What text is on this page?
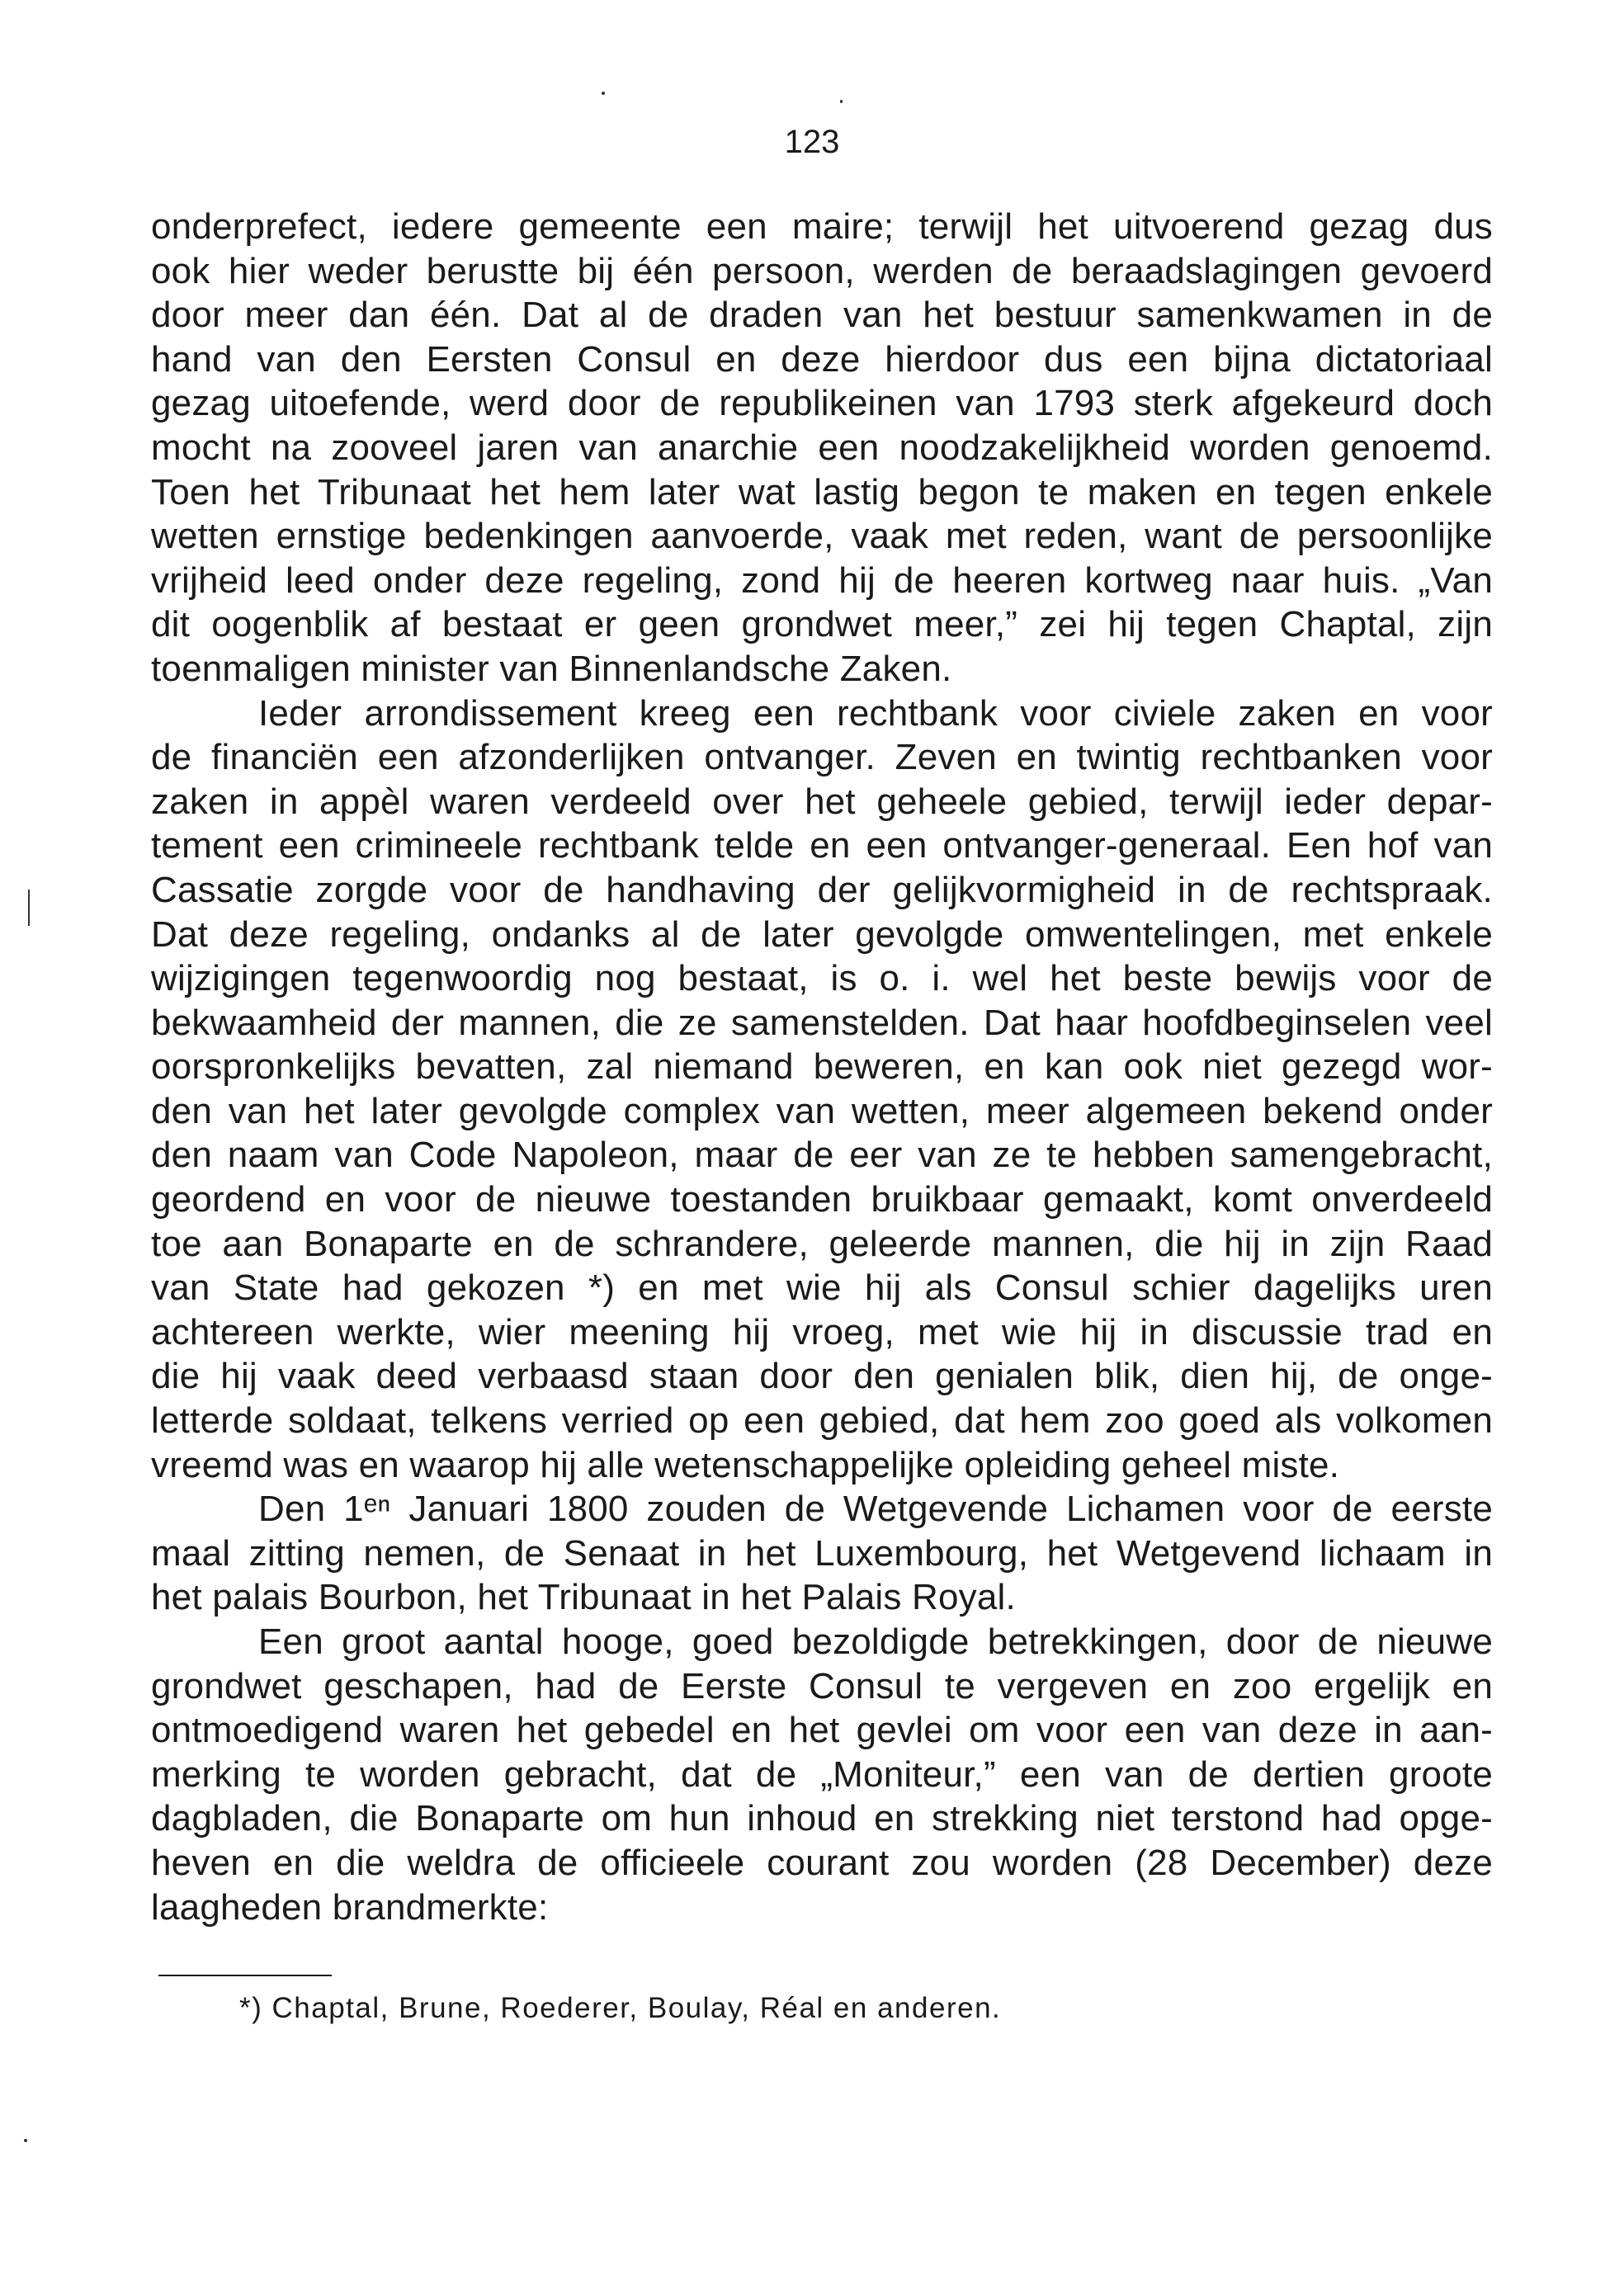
123
onderprefect, iedere gemeente een maire; terwijl het uitvoerend gezag dus
ook hier weder berustte bij één persoon, werden de beraadslagingen gevoerd
door meer dan één. Dat al de draden van het bestuur samenkwamen in de
hand van den Eersten Consul en deze hierdoor dus een bijna dictatoriaal
gezag uitoefende, werd door de republikeinen van 1793 sterk afgekeurd doch
mocht na zooveel jaren van anarchie een noodzakelijkheid worden genoemd.
Toen het Tribunaat het hem later wat lastig begon te maken en tegen enkele
wetten ernstige bedenkingen aanvoerde, vaak met reden, want de persoonlijke
vrijheid leed onder deze regeling, zond hij de heeren kortweg naar huis. „Van
dit oogenblik af bestaat er geen grondwet meer,” zei hij tegen Chaptal, zijn
toenmaligen minister van Binnenlandsche Zaken.
Ieder arrondissement kreeg een rechtbank voor civiele zaken en voor
de financiën een afzonderlijken ontvanger. Zeven en twintig rechtbanken voor
zaken in appèl waren verdeeld over het geheele gebied, terwijl ieder depar-
tement een crimineele rechtbank telde en een ontvanger-generaal. Een hof van
Cassatie zorgde voor de handhaving der gelijkvormigheid in de rechtspraak.
Dat deze regeling, ondanks al de later gevolgde omwentelingen, met enkele
wijzigingen tegenwoordig nog bestaat, is o. i. wel het beste bewijs voor de
bekwaamheid der mannen, die ze samenstelden. Dat haar hoofdbeginselen veel
oorspronkelijks bevatten, zal niemand beweren, en kan ook niet gezegd wor-
den van het later gevolgde complex van wetten, meer algemeen bekend onder
den naam van Code Napoleon, maar de eer van ze te hebben samengebracht,
geordend en voor de nieuwe toestanden bruikbaar gemaakt, komt onverdeeld
toe aan Bonaparte en de schrandere, geleerde mannen, die hij in zijn Raad
van State had gekozen *) en met wie hij als Consul schier dagelijks uren
achtereen werkte, wier meening hij vroeg, met wie hij in discussie trad en
die hij vaak deed verbaasd staan door den genialen blik, dien hij, de onge-
letterde soldaat, telkens verried op een gebied, dat hem zoo goed als volkomen
vreemd was en waarop hij alle wetenschappelijke opleiding geheel miste.
Den 1ᵉⁿ Januari 1800 zouden de Wetgevende Lichamen voor de eerste
maal zitting nemen, de Senaat in het Luxembourg, het Wetgevend lichaam in
het palais Bourbon, het Tribunaat in het Palais Royal.
Een groot aantal hooge, goed bezoldigde betrekkingen, door de nieuwe
grondwet geschapen, had de Eerste Consul te vergeven en zoo ergelijk en
ontmoedigend waren het gebedel en het gevlei om voor een van deze in aan-
merking te worden gebracht, dat de „Moniteur,” een van de dertien groote
dagbladen, die Bonaparte om hun inhoud en strekking niet terstond had opge-
heven en die weldra de officieele courant zou worden (28 December) deze
laagheden brandmerkte:
*) Chaptal, Brune, Roederer, Boulay, Réal en anderen.
